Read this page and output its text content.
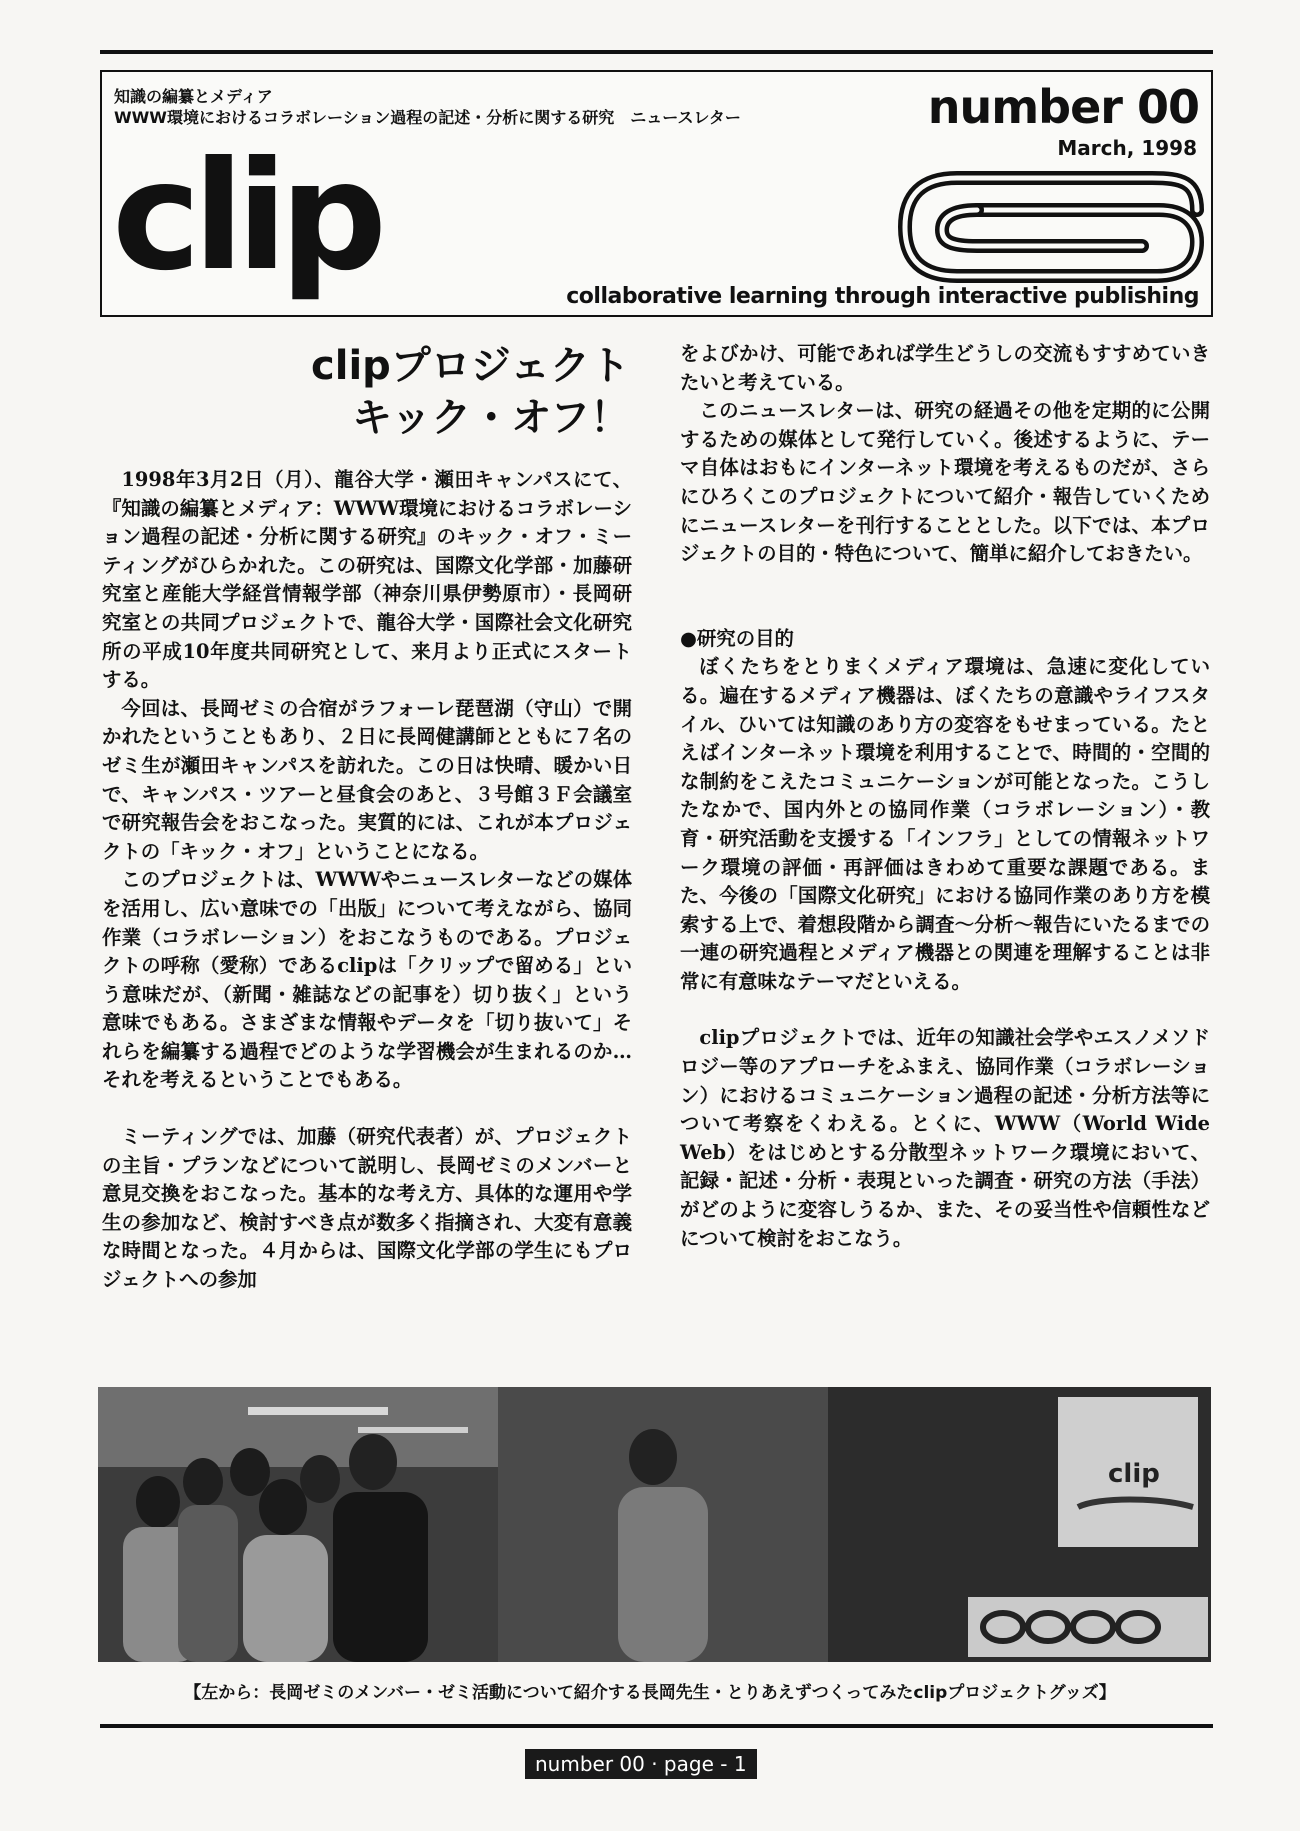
知識の編纂とメディア
WWW環境におけるコラボレーション過程の記述・分析に関する研究　ニュースレター	number 00
March, 1998
clip	collaborative learning through interactive publishing
clipプロジェクト
キック・オフ！

1998年3月2日（月）、龍谷大学・瀬田キャンパスにて、『知識の編纂とメディア：WWW環境におけるコラボレーション過程の記述・分析に関する研究』のキック・オフ・ミーティングがひらかれた。この研究は、国際文化学部・加藤研究室と産能大学経営情報学部（神奈川県伊勢原市）・長岡研究室との共同プロジェクトで、龍谷大学・国際社会文化研究所の平成10年度共同研究として、来月より正式にスタートする。

今回は、長岡ゼミの合宿がラフォーレ琵琶湖（守山）で開かれたということもあり、２日に長岡健講師とともに７名のゼミ生が瀬田キャンパスを訪れた。この日は快晴、暖かい日で、キャンパス・ツアーと昼食会のあと、３号館３Ｆ会議室で研究報告会をおこなった。実質的には、これが本プロジェクトの「キック・オフ」ということになる。

このプロジェクトは、WWWやニュースレターなどの媒体を活用し、広い意味での「出版」について考えながら、協同作業（コラボレーション）をおこなうものである。プロジェクトの呼称（愛称）であるclipは「クリップで留める」という意味だが、（新聞・雑誌などの記事を）切り抜く」という意味でもある。さまざまな情報やデータを「切り抜いて」それらを編纂する過程でどのような学習機会が生まれるのか…それを考えるということでもある。

ミーティングでは、加藤（研究代表者）が、プロジェクトの主旨・プランなどについて説明し、長岡ゼミのメンバーと意見交換をおこなった。基本的な考え方、具体的な運用や学生の参加など、検討すべき点が数多く指摘され、大変有意義な時間となった。４月からは、国際文化学部の学生にもプロジェクトへの参加

をよびかけ、可能であれば学生どうしの交流もすすめていきたいと考えている。

このニュースレターは、研究の経過その他を定期的に公開するための媒体として発行していく。後述するように、テーマ自体はおもにインターネット環境を考えるものだが、さらにひろくこのプロジェクトについて紹介・報告していくためにニュースレターを刊行することとした。以下では、本プロジェクトの目的・特色について、簡単に紹介しておきたい。

●研究の目的

ぼくたちをとりまくメディア環境は、急速に変化している。遍在するメディア機器は、ぼくたちの意識やライフスタイル、ひいては知識のあり方の変容をもせまっている。たとえばインターネット環境を利用することで、時間的・空間的な制約をこえたコミュニケーションが可能となった。こうしたなかで、国内外との協同作業（コラボレーション）・教育・研究活動を支援する「インフラ」としての情報ネットワーク環境の評価・再評価はきわめて重要な課題である。また、今後の「国際文化研究」における協同作業のあり方を模索する上で、着想段階から調査～分析～報告にいたるまでの一連の研究過程とメディア機器との関連を理解することは非常に有意味なテーマだといえる。

clipプロジェクトでは、近年の知識社会学やエスノメソドロジー等のアプローチをふまえ、協同作業（コラボレーション）におけるコミュニケーション過程の記述・分析方法等について考察をくわえる。とくに、WWW（World Wide Web）をはじめとする分散型ネットワーク環境において、記録・記述・分析・表現といった調査・研究の方法（手法）がどのように変容しうるか、また、その妥当性や信頼性などについて検討をおこなう。

clip
【左から：長岡ゼミのメンバー・ゼミ活動について紹介する長岡先生・とりあえずつくってみたclipプロジェクトグッズ】
number 00 · page - 1
